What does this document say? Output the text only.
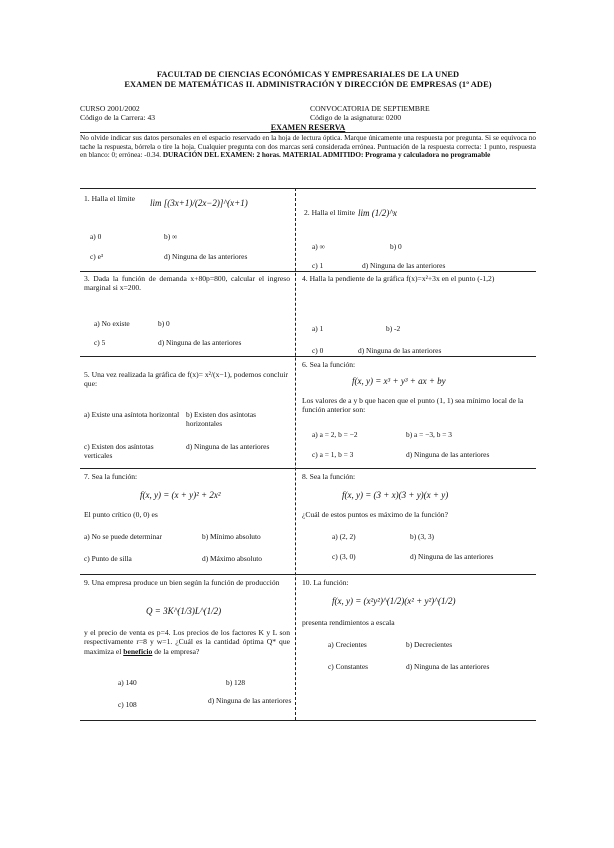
FACULTAD DE CIENCIAS ECONÓMICAS Y EMPRESARIALES DE LA UNED
EXAMEN DE MATEMÁTICAS II. ADMINISTRACIÓN Y DIRECCIÓN DE EMPRESAS (1º ADE)
CURSO 2001/2002
Código de la Carrera: 43
CONVOCATORIA DE SEPTIEMBRE
Código de la asignatura: 0200
EXAMEN RESERVA
No olvide indicar sus datos personales en el espacio reservado en la hoja de lectura óptica. Marque únicamente una respuesta por pregunta. Si se equivoca no tache la respuesta, bórrela o tire la hoja. Cualquier pregunta con dos marcas será considerada errónea. Puntuación de la respuesta correcta: 1 punto, respuesta en blanco: 0; errónea: -0.34. DURACIÓN DEL EXAMEN: 2 horas. MATERIAL ADMITIDO: Programa y calculadora no programable
1. Halla el límite lim [(3x+1)/(2x−2)]^(x+1)
a) 0	b) ∞
c) e³	d) Ninguna de las anteriores
2. Halla el límite lim (1/2)^x
a) ∞	b) 0
c) 1	d) Ninguna de las anteriores
3. Dada la función de demanda x+80p=800, calcular el ingreso marginal si x=200.
a) No existe	b) 0
c) 5	d) Ninguna de las anteriores
4. Halla la pendiente de la gráfica f(x)=x²+3x en el punto (-1,2)
a) 1	b) -2
c) 0	d) Ninguna de las anteriores
5. Una vez realizada la gráfica de f(x)= x²/(x−1), podemos concluir que:
a) Existe una asíntota horizontal b) Existen dos asíntotas horizontales
c) Existen dos asíntotas verticales
d) Ninguna de las anteriores
6. Sea la función:
f(x, y) = x³ + y³ + ax + by
Los valores de a y b que hacen que el punto (1, 1) sea mínimo local de la función anterior son:
a) a = 2, b = −2	b) a = −3, b = 3
c) a = 1, b = 3	d) Ninguna de las anteriores
7. Sea la función:
f(x, y) = (x + y)² + 2x²
El punto crítico (0, 0) es
a) No se puede determinar	b) Mínimo absoluto
c) Punto de silla	d) Máximo absoluto
8. Sea la función:
f(x, y) = (3 + x)(3 + y)(x + y)
¿Cuál de estos puntos es máximo de la función?
a) (2, 2)	b) (3, 3)
c) (3, 0)	d) Ninguna de las anteriores
9. Una empresa produce un bien según la función de producción
Q = 3K^(1/3)L^(1/2)
y el precio de venta es p=4. Los precios de los factores K y L son respectivamente r=8 y w=1. ¿Cuál es la cantidad óptima Q* que maximiza el beneficio de la empresa?
a) 140	b) 128
c) 108	d) Ninguna de las anteriores
10. La función:
f(x, y) = (x²y²)^(1/2)(x² + y²)^(1/2)
presenta rendimientos a escala
a) Crecientes	b) Decrecientes
c) Constantes	d) Ninguna de las anteriores
